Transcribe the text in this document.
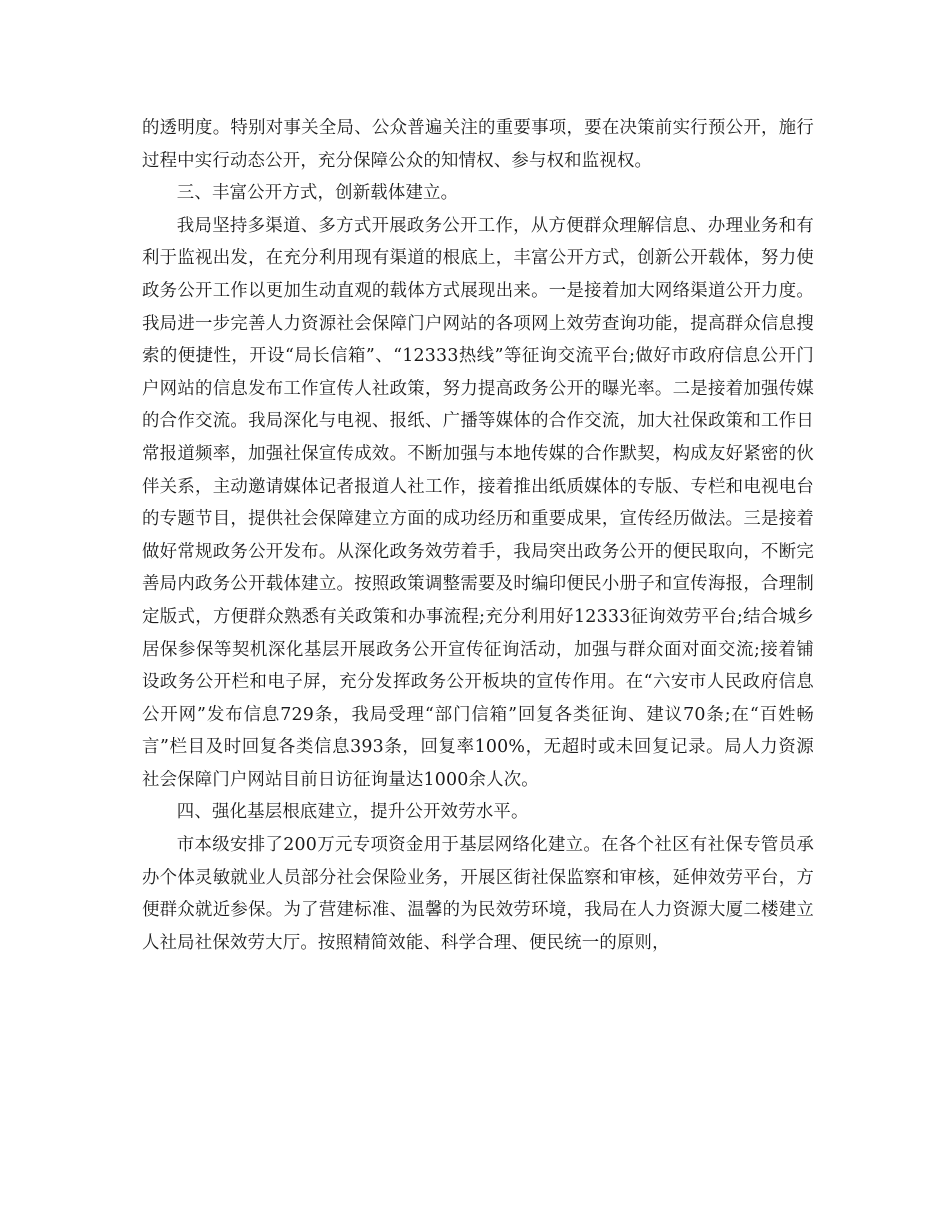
的透明度。特别对事关全局、公众普遍关注的重要事项，要在决策前实行预公开，施行过程中实行动态公开，充分保障公众的知情权、参与权和监视权。

三、丰富公开方式，创新载体建立。

我局坚持多渠道、多方式开展政务公开工作，从方便群众理解信息、办理业务和有利于监视出发，在充分利用现有渠道的根底上，丰富公开方式，创新公开载体，努力使政务公开工作以更加生动直观的载体方式展现出来。一是接着加大网络渠道公开力度。我局进一步完善人力资源社会保障门户网站的各项网上效劳查询功能，提高群众信息搜索的便捷性，开设“局长信箱”、“12333热线”等征询交流平台;做好市政府信息公开门户网站的信息发布工作宣传人社政策，努力提高政务公开的曝光率。二是接着加强传媒的合作交流。我局深化与电视、报纸、广播等媒体的合作交流，加大社保政策和工作日常报道频率，加强社保宣传成效。不断加强与本地传媒的合作默契，构成友好紧密的伙伴关系，主动邀请媒体记者报道人社工作，接着推出纸质媒体的专版、专栏和电视电台的专题节目，提供社会保障建立方面的成功经历和重要成果，宣传经历做法。三是接着做好常规政务公开发布。从深化政务效劳着手，我局突出政务公开的便民取向，不断完善局内政务公开载体建立。按照政策调整需要及时编印便民小册子和宣传海报，合理制定版式，方便群众熟悉有关政策和办事流程;充分利用好12333征询效劳平台;结合城乡居保参保等契机深化基层开展政务公开宣传征询活动，加强与群众面对面交流;接着铺设政务公开栏和电子屏，充分发挥政务公开板块的宣传作用。在“六安市人民政府信息公开网”发布信息729条，我局受理“部门信箱”回复各类征询、建议70条;在“百姓畅言”栏目及时回复各类信息393条，回复率100%，无超时或未回复记录。局人力资源社会保障门户网站目前日访征询量达1000余人次。

四、强化基层根底建立，提升公开效劳水平。

市本级安排了200万元专项资金用于基层网络化建立。在各个社区有社保专管员承办个体灵敏就业人员部分社会保险业务，开展区街社保监察和审核，延伸效劳平台，方便群众就近参保。为了营建标准、温馨的为民效劳环境，我局在人力资源大厦二楼建立人社局社保效劳大厅。按照精简效能、科学合理、便民统一的原则，
